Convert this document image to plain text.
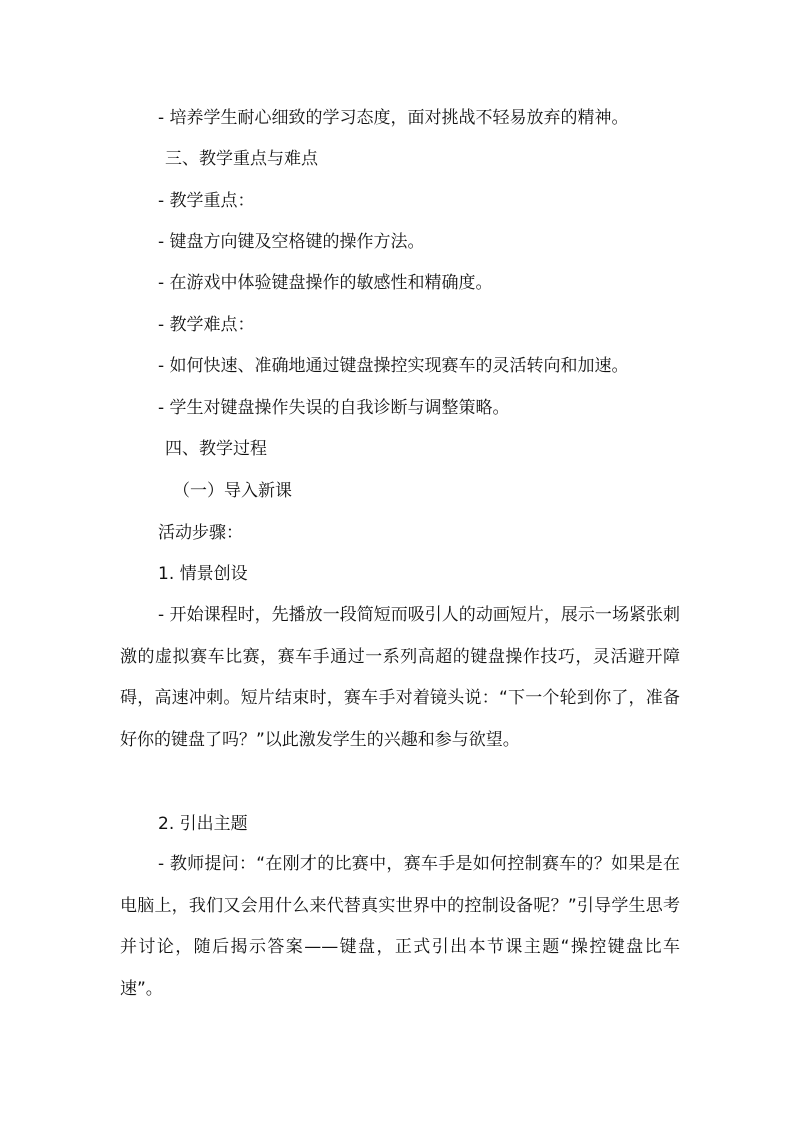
- 培养学生耐心细致的学习态度，面对挑战不轻易放弃的精神。
三、教学重点与难点
- 教学重点：
- 键盘方向键及空格键的操作方法。
- 在游戏中体验键盘操作的敏感性和精确度。
- 教学难点：
- 如何快速、准确地通过键盘操控实现赛车的灵活转向和加速。
- 学生对键盘操作失误的自我诊断与调整策略。
四、教学过程
（一）导入新课
活动步骤：
1. 情景创设
- 开始课程时，先播放一段简短而吸引人的动画短片，展示一场紧张刺激的虚拟赛车比赛，赛车手通过一系列高超的键盘操作技巧，灵活避开障碍，高速冲刺。短片结束时，赛车手对着镜头说：“下一个轮到你了，准备好你的键盘了吗？”以此激发学生的兴趣和参与欲望。
2. 引出主题
- 教师提问：“在刚才的比赛中，赛车手是如何控制赛车的？如果是在电脑上，我们又会用什么来代替真实世界中的控制设备呢？”引导学生思考并讨论，随后揭示答案——键盘，正式引出本节课主题“操控键盘比车速”。
